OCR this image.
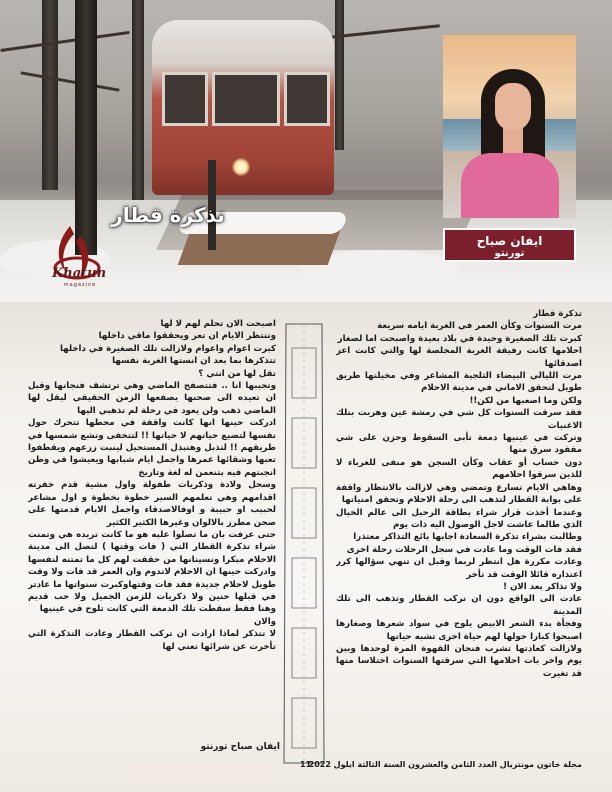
تذكرة قطار
Khatun
magazine
ايفان صباح
تورنتو

تذكرة قطار

مرت السنوات وكأن العمر في الغربة ايامه سريعة

كبرت تلك الصغيرة وحيدة في بلاد بعيدة واصبحت اما لصغار

احلامها كانت رفيقة الغربة المخلصة لها والتي كانت اعز اصدقائها

مرت الليالي البيضاء الثلجية المشاعر وفي مخيلتها طريق طويل لتحقق الاماني في مدينة الاحلام

ولكن وما اصعبها من لكن!!

فقد سرقت السنوات كل شي في رمشة عين وهربت بتلك الاغنيات

وتركت في عينيها دمعة تأبى السقوط وحزن على شي مفقود سرق منها

دون حساب أو عقاب وكأن السجن هو منفى للغرباء لا للذين سرقوا احلامهم

وهاهي الايام تسارع وتمضي وهي لازالت بالانتظار واقفة على بوابة القطار لتذهب الى رحلة الاحلام وتحقق امنياتها

وعندما أخذت قرار شراء بطاقة الرحيل الى عالم الخيال الذي طالما عاشت لاجل الوصول اليه ذات يوم

وطالبت بشراء تذكرة السعادة اجابها بائع التذاكر معتذرا

فقد فات الوقت وما عادت في سجل الرحلات رحلة اخرى

وعادت مكررة هل انتظر لربما وقبل ان تنهي سؤالها كرر اعتذاره قائلا الوقت قد تأخر

ولا تذاكر بعد الان !

عادت الى الواقع دون ان تركب القطار وتذهب الى تلك المدينة

وفجأة بدء الشعر الابيض يلوح في سواد شعرها وصغارها اصبحوا كبارا حولها لهم حياة اخرى تشبه حياتها

ولازالت كعادتها تشرب فنجان القهوة المرة لوحدها وبين يوم واخر بات احلامها التي سرقتها السنوات اختلاسا منها قد تغيرت

اصبحت الان تحلم لهم لا لها

وتنتظر الايام ان تعر ويحققوا ماقي داخلها

كبرت اعوام واعوام ولازالت تلك الصغيرة في داخلها

تتذكرها بما بعد ان انستها الغربة نفسها

تقل لها من انتي ؟

وتجيبها انا .. فتتصفح الماضي وهي ترتشف فنجانها وقبل ان تعيده الى صحنها يصفعها الزمن الحقيقي ليقل لها الماضي ذهب ولن يعود في رحلة لم تذهبي اليها

ادركت حينها انها كانت واقفة في محطها تتحرك حول نفسها لتضيع حياتهم لا حياتها !! لتتخفى وتشع شمسها في طريقهم !! لتذبل وهتبذل المستحيل لينبت زرعهم ويقطفوا تعبها وشقائها عمرها واجمل ايام شبابها ويعيشوا في وطن انجبتهم فيه بتنعمن له لغة وتاريخ

وسجل ولادة وذكريات طفولة واول مشية قدم خفرته اقدامهم وهي تعلمهم السير خطوة بخطوة و اول مشاعر لحبيب او حبيبة و اوفالاصدقاء واجمل الايام قدمتها على صحن مطرز بالالوان وغيرها الكثير الكثير

حتى عرفت بان ما تصلوا عليه هو ما كانت تريده هي وتمنت شراء تذكرة القطار التي ( فات وقتها ) لتصل الى مدينة الاحلام مبكرا ونسيتانها من حققت لهم كل ما تمتنه لنفسها وادركت حينها ان الاحلام لاتدوم وان العمر قد فات ولا وقت طويل لاحلام جديدة فقد فات وقتهاوكبرت سنواتها ما عادتر في قبلها حنين ولا ذكريات للزمن الجميل ولا حب قديم وهنا فقط سقطت تلك الدمعة التي كانت تلوح في عينيها

والان

لا تتذكر لماذا ارادت ان تركب القطار وعادت التذكرة التي تأخرت عن شرائها تعني لها

ايفان صباح تورنتو
مجلة خاتون مونتريال العدد الثامن والعشرون السنة الثالثة ايلول 2022
11
